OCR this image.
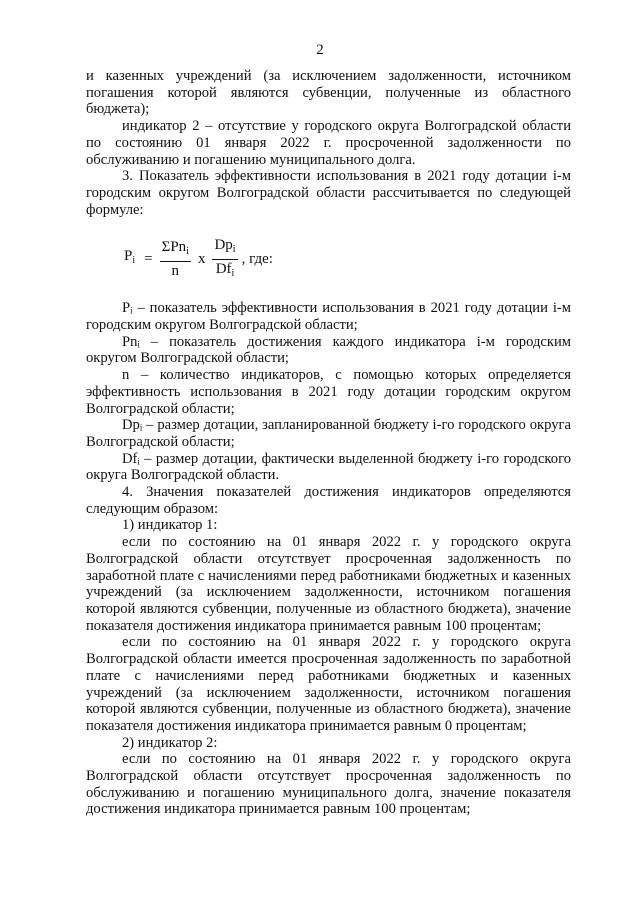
2

и казенных учреждений (за исключением задолженности, источником погашения которой являются субвенции, полученные из областного бюджета);

индикатор 2 – отсутствие у городского округа Волгоградской области по состоянию 01 января 2022 г. просроченной задолженности по обслуживанию и погашению муниципального долга.

3. Показатель эффективности использования в 2021 году дотации i-м городским округом Волгоградской области рассчитывается по следующей формуле:

$P_i = \frac{\Sigma Pn_i}{n}$ x $\frac{Dp_i}{Df_i}$ , где:

Pᵢ – показатель эффективности использования в 2021 году дотации i-м городским округом Волгоградской области;

Pnᵢ – показатель достижения каждого индикатора i-м городским округом Волгоградской области;

n – количество индикаторов, с помощью которых определяется эффективность использования в 2021 году дотации городским округом Волгоградской области;

Dpᵢ – размер дотации, запланированной бюджету i-го городского округа Волгоградской области;

Dfᵢ – размер дотации, фактически выделенной бюджету i-го городского округа Волгоградской области.

4. Значения показателей достижения индикаторов определяются следующим образом:

1) индикатор 1:

если по состоянию на 01 января 2022 г. у городского округа Волгоградской области отсутствует просроченная задолженность по заработной плате с начислениями перед работниками бюджетных и казенных учреждений (за исключением задолженности, источником погашения которой являются субвенции, полученные из областного бюджета), значение показателя достижения индикатора принимается равным 100 процентам;

если по состоянию на 01 января 2022 г. у городского округа Волгоградской области имеется просроченная задолженность по заработной плате с начислениями перед работниками бюджетных и казенных учреждений (за исключением задолженности, источником погашения которой являются субвенции, полученные из областного бюджета), значение показателя достижения индикатора принимается равным 0 процентам;

2) индикатор 2:

если по состоянию на 01 января 2022 г. у городского округа Волгоградской области отсутствует просроченная задолженность по обслуживанию и погашению муниципального долга, значение показателя достижения индикатора принимается равным 100 процентам;
